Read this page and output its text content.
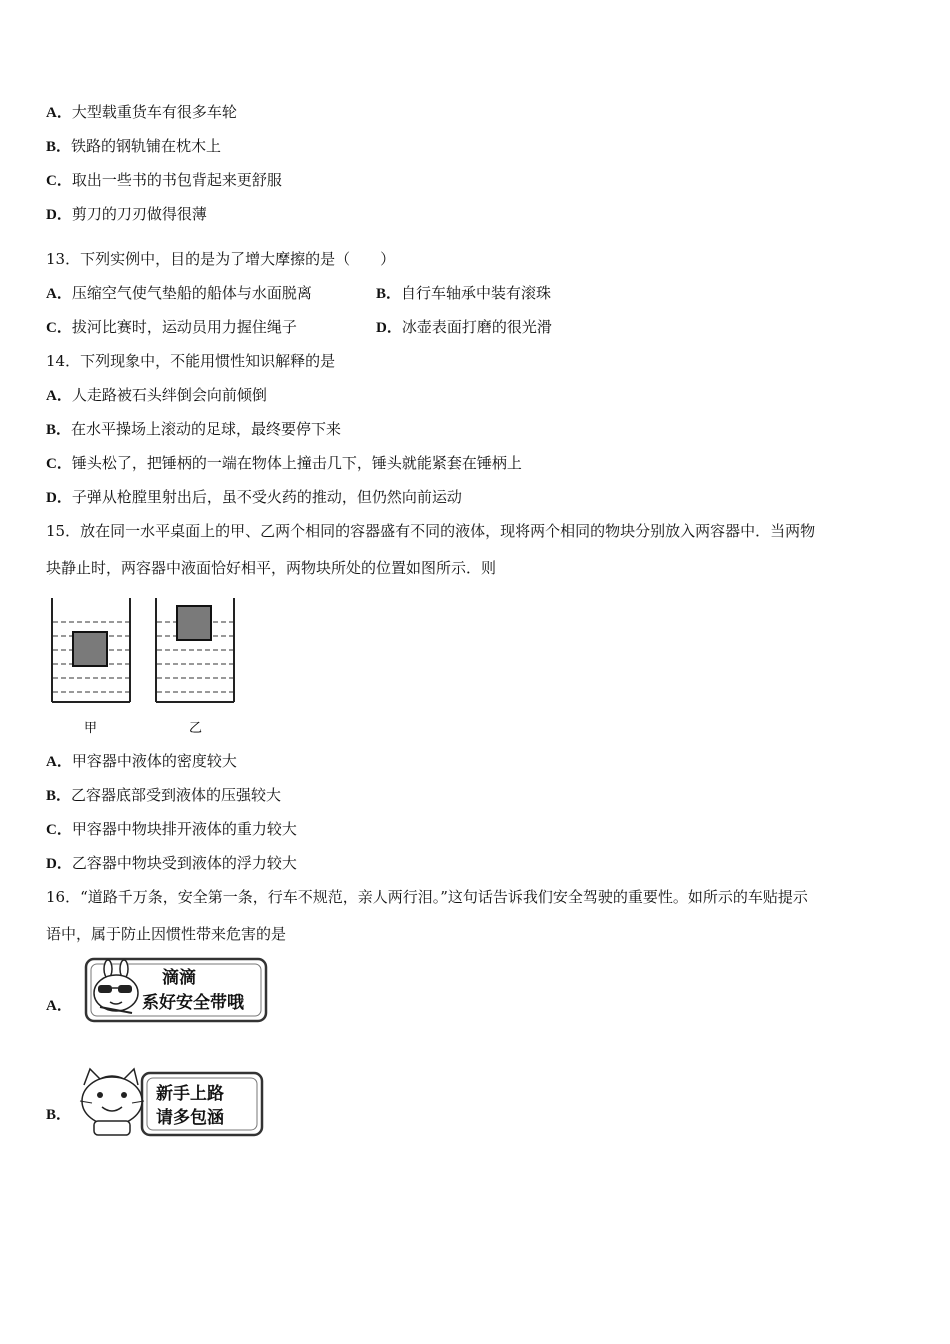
A．大型载重货车有很多车轮
B．铁路的钢轨铺在枕木上
C．取出一些书的书包背起来更舒服
D．剪刀的刀刃做得很薄
13．下列实例中，目的是为了增大摩擦的是（　　）
A．压缩空气使气垫船的船体与水面脱离	B．自行车轴承中装有滚珠
C．拔河比赛时，运动员用力握住绳子	D．冰壶表面打磨的很光滑
14．下列现象中，不能用惯性知识解释的是
A．人走路被石头绊倒会向前倾倒
B．在水平操场上滚动的足球，最终要停下来
C．锤头松了，把锤柄的一端在物体上撞击几下，锤头就能紧套在锤柄上
D．子弹从枪膛里射出后，虽不受火药的推动，但仍然向前运动
15．放在同一水平桌面上的甲、乙两个相同的容器盛有不同的液体，现将两个相同的物块分别放入两容器中．当两物
块静止时，两容器中液面恰好相平，两物块所处的位置如图所示．则
甲	乙
A．甲容器中液体的密度较大
B．乙容器底部受到液体的压强较大
C．甲容器中物块排开液体的重力较大
D．乙容器中物块受到液体的浮力较大
16．“道路千万条，安全第一条，行车不规范，亲人两行泪。”这句话告诉我们安全驾驶的重要性。如所示的车贴提示
语中，属于防止因惯性带来危害的是
A．
滴滴
系好安全带哦
B．
新手上路
请多包涵
